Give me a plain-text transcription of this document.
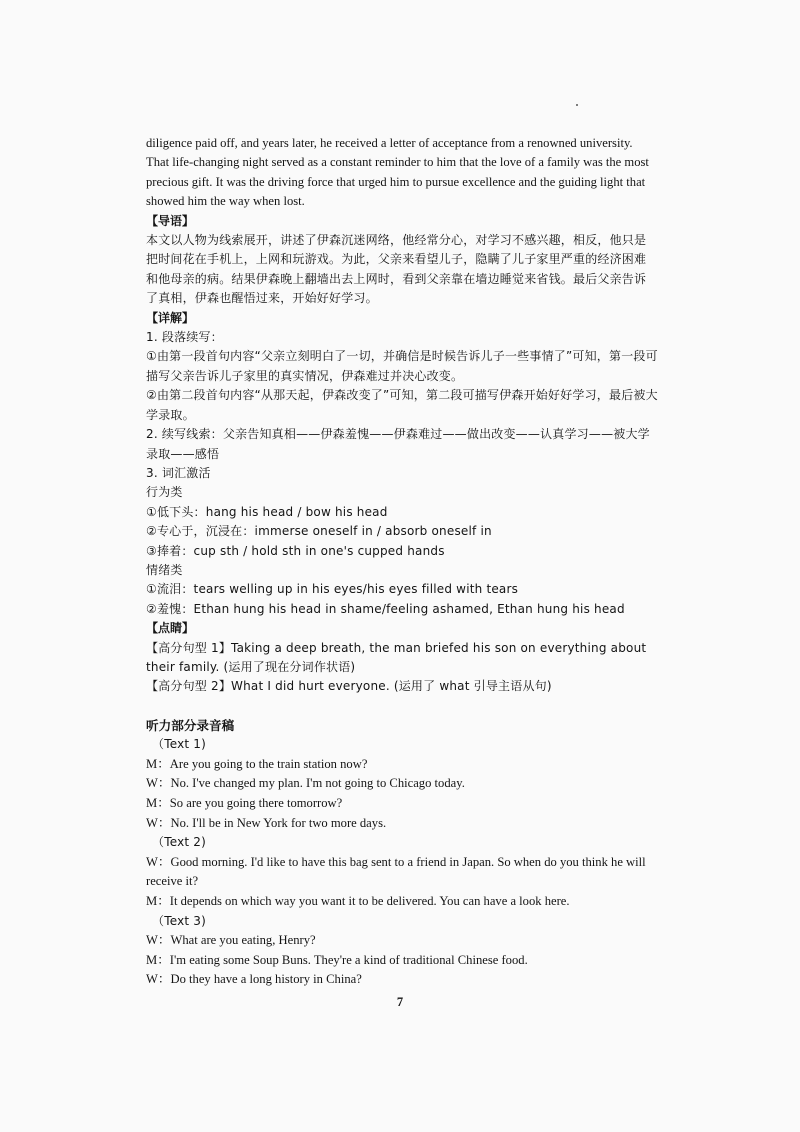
diligence paid off, and years later, he received a letter of acceptance from a renowned university. That life-changing night served as a constant reminder to him that the love of a family was the most precious gift. It was the driving force that urged him to pursue excellence and the guiding light that showed him the way when lost.

【导语】

本文以人物为线索展开，讲述了伊森沉迷网络，他经常分心，对学习不感兴趣，相反，他只是把时间花在手机上，上网和玩游戏。为此，父亲来看望儿子，隐瞒了儿子家里严重的经济困难和他母亲的病。结果伊森晚上翻墙出去上网时，看到父亲靠在墙边睡觉来省钱。最后父亲告诉了真相，伊森也醒悟过来，开始好好学习。

【详解】

1. 段落续写：

①由第一段首句内容“父亲立刻明白了一切，并确信是时候告诉儿子一些事情了”可知，第一段可描写父亲告诉儿子家里的真实情况，伊森难过并决心改变。

②由第二段首句内容“从那天起，伊森改变了”可知，第二段可描写伊森开始好好学习，最后被大学录取。

2. 续写线索：父亲告知真相——伊森羞愧——伊森难过——做出改变——认真学习——被大学录取——感悟

3. 词汇激活

行为类

①低下头：hang his head / bow his head

②专心于，沉浸在：immerse oneself in / absorb oneself in

③捧着：cup sth / hold sth in one's cupped hands

情绪类

①流泪：tears welling up in his eyes/his eyes filled with tears

②羞愧：Ethan hung his head in shame/feeling ashamed, Ethan hung his head

【点睛】

【高分句型 1】Taking a deep breath, the man briefed his son on everything about their family. (运用了现在分词作状语)

【高分句型 2】What I did hurt everyone. (运用了 what 引导主语从句)

听力部分录音稿

（Text 1)

M：Are you going to the train station now?

W：No. I've changed my plan. I'm not going to Chicago today.

M：So are you going there tomorrow?

W：No. I'll be in New York for two more days.

（Text 2)

W：Good morning. I'd like to have this bag sent to a friend in Japan. So when do you think he will receive it?

M：It depends on which way you want it to be delivered. You can have a look here.

（Text 3)

W：What are you eating, Henry?

M：I'm eating some Soup Buns. They're a kind of traditional Chinese food.

W：Do they have a long history in China?

7
